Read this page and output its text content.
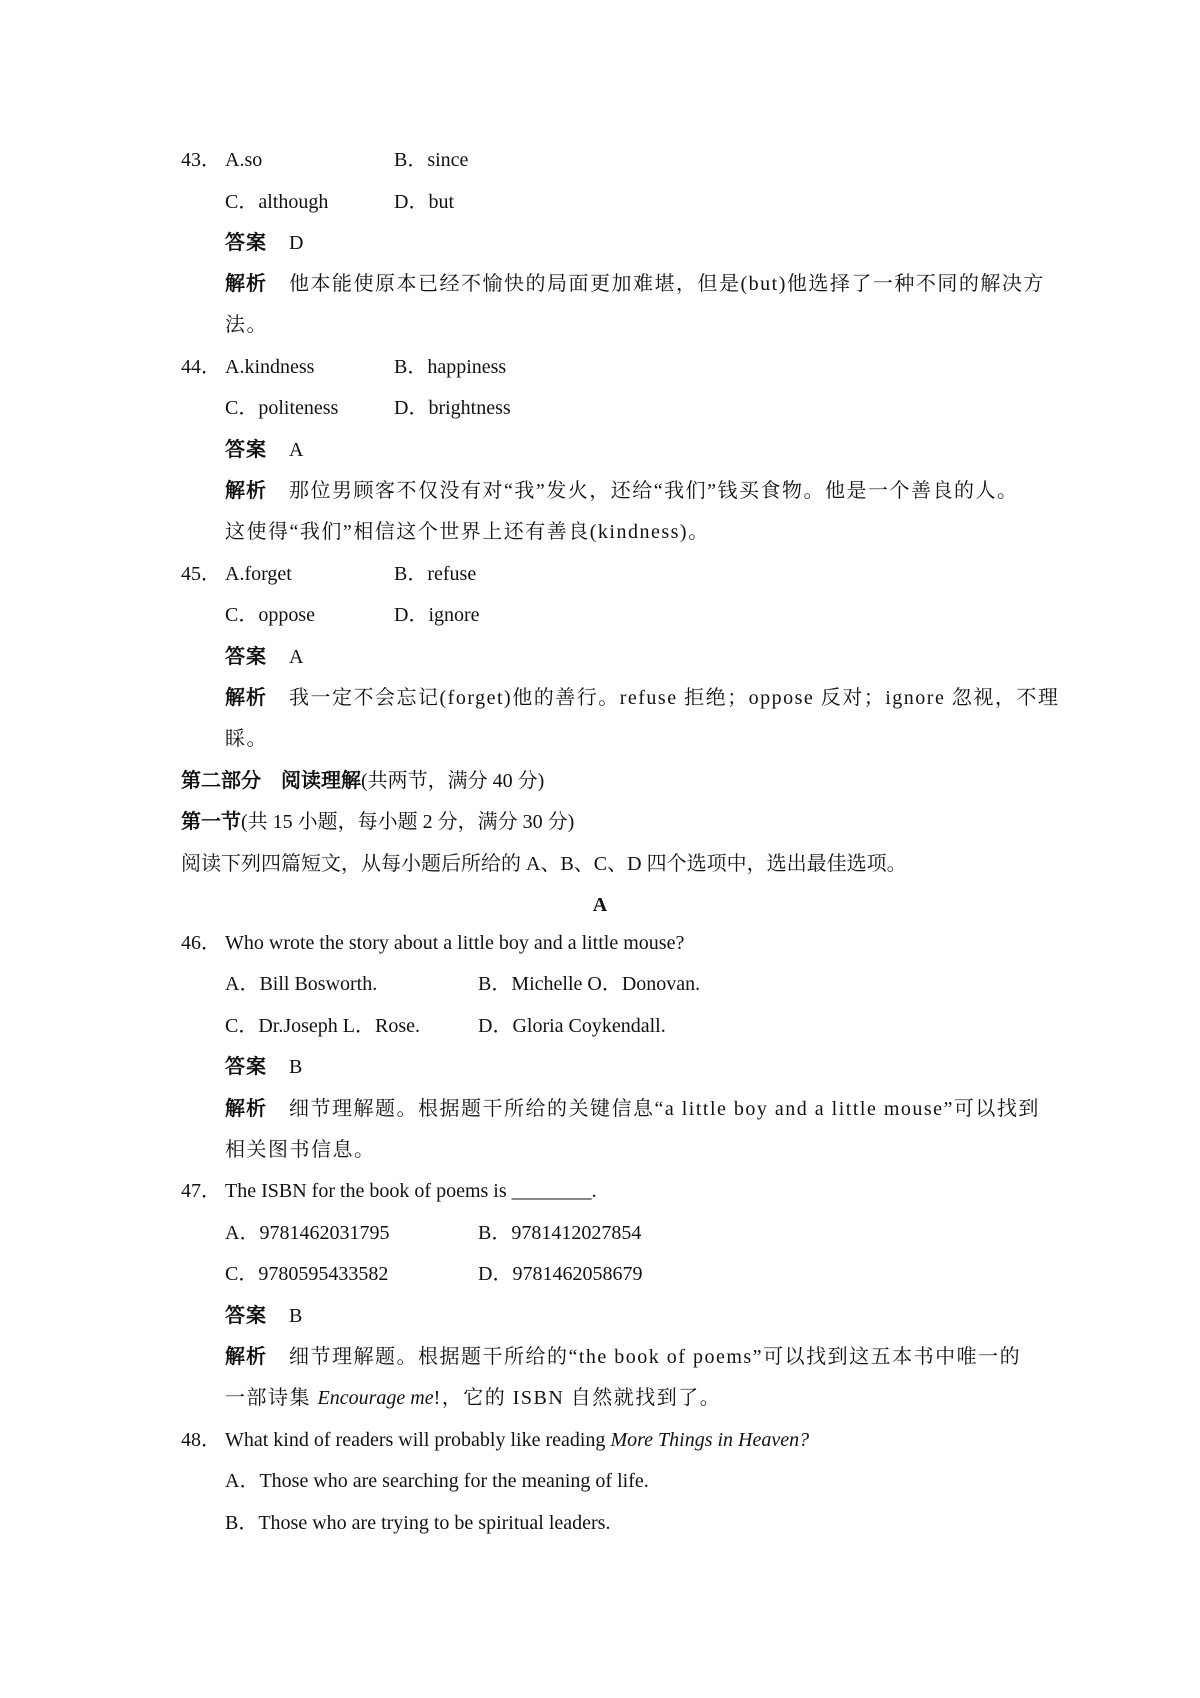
43． A.so	B．since
C．although	D．but
答案 D
解析 他本能使原本已经不愉快的局面更加难堪，但是(but)他选择了一种不同的解决方
法。
44． A.kindness	B．happiness
C．politeness	D．brightness
答案 A
解析 那位男顾客不仅没有对“我”发火，还给“我们”钱买食物。他是一个善良的人。
这使得“我们”相信这个世界上还有善良(kindness)。
45． A.forget	B．refuse
C．oppose	D．ignore
答案 A
解析 我一定不会忘记(forget)他的善行。refuse 拒绝；oppose 反对；ignore 忽视，不理
睬。
第二部分　阅读理解(共两节，满分 40 分)
第一节(共 15 小题，每小题 2 分，满分 30 分)
阅读下列四篇短文，从每小题后所给的 A、B、C、D 四个选项中，选出最佳选项。
A
46． Who wrote the story about a little boy and a little mouse?
A．Bill Bosworth.	B．Michelle O．Donovan.
C．Dr.Joseph L．Rose.	D．Gloria Coykendall.
答案 B
解析 细节理解题。根据题干所给的关键信息“a little boy and a little mouse”可以找到
相关图书信息。
47． The ISBN for the book of poems is ________.
A．9781462031795	B．9781412027854
C．9780595433582	D．9781462058679
答案 B
解析 细节理解题。根据题干所给的“the book of poems”可以找到这五本书中唯一的
一部诗集 Encourage me!，它的 ISBN 自然就找到了。
48． What kind of readers will probably like reading More Things in Heaven?
A．Those who are searching for the meaning of life.
B．Those who are trying to be spiritual leaders.
